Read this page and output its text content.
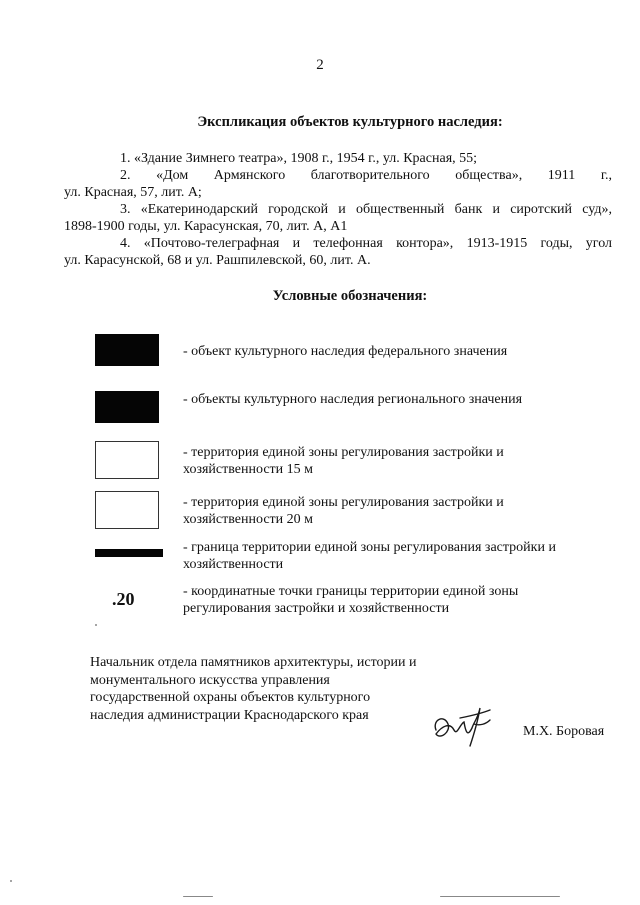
2
Экспликация объектов культурного наследия:
1. «Здание Зимнего театра», 1908 г., 1954 г., ул. Красная, 55;
2. «Дом Армянского благотворительного общества», 1911 г.,
ул. Красная, 57, лит. А;
3. «Екатеринодарский городской и общественный банк и сиротский суд»,
1898-1900 годы, ул. Карасунская, 70, лит. А, А1
4. «Почтово-телеграфная и телефонная контора», 1913-1915 годы, угол
ул. Карасунской, 68 и ул. Рашпилевской, 60, лит. А.
Условные обозначения:
- объект культурного наследия федерального значения
- объекты культурного наследия регионального значения
- территория единой зоны регулирования застройки и хозяйственности 15 м
- территория единой зоны регулирования застройки и хозяйственности 20 м
- граница территории единой зоны регулирования застройки и хозяйственности
.20	- координатные точки границы территории единой зоны регулирования застройки и хозяйственности
Начальник отдела памятников архитектуры, истории и монументального искусства управления государственной охраны объектов культурного наследия администрации Краснодарского края
М.Х. Боровая
